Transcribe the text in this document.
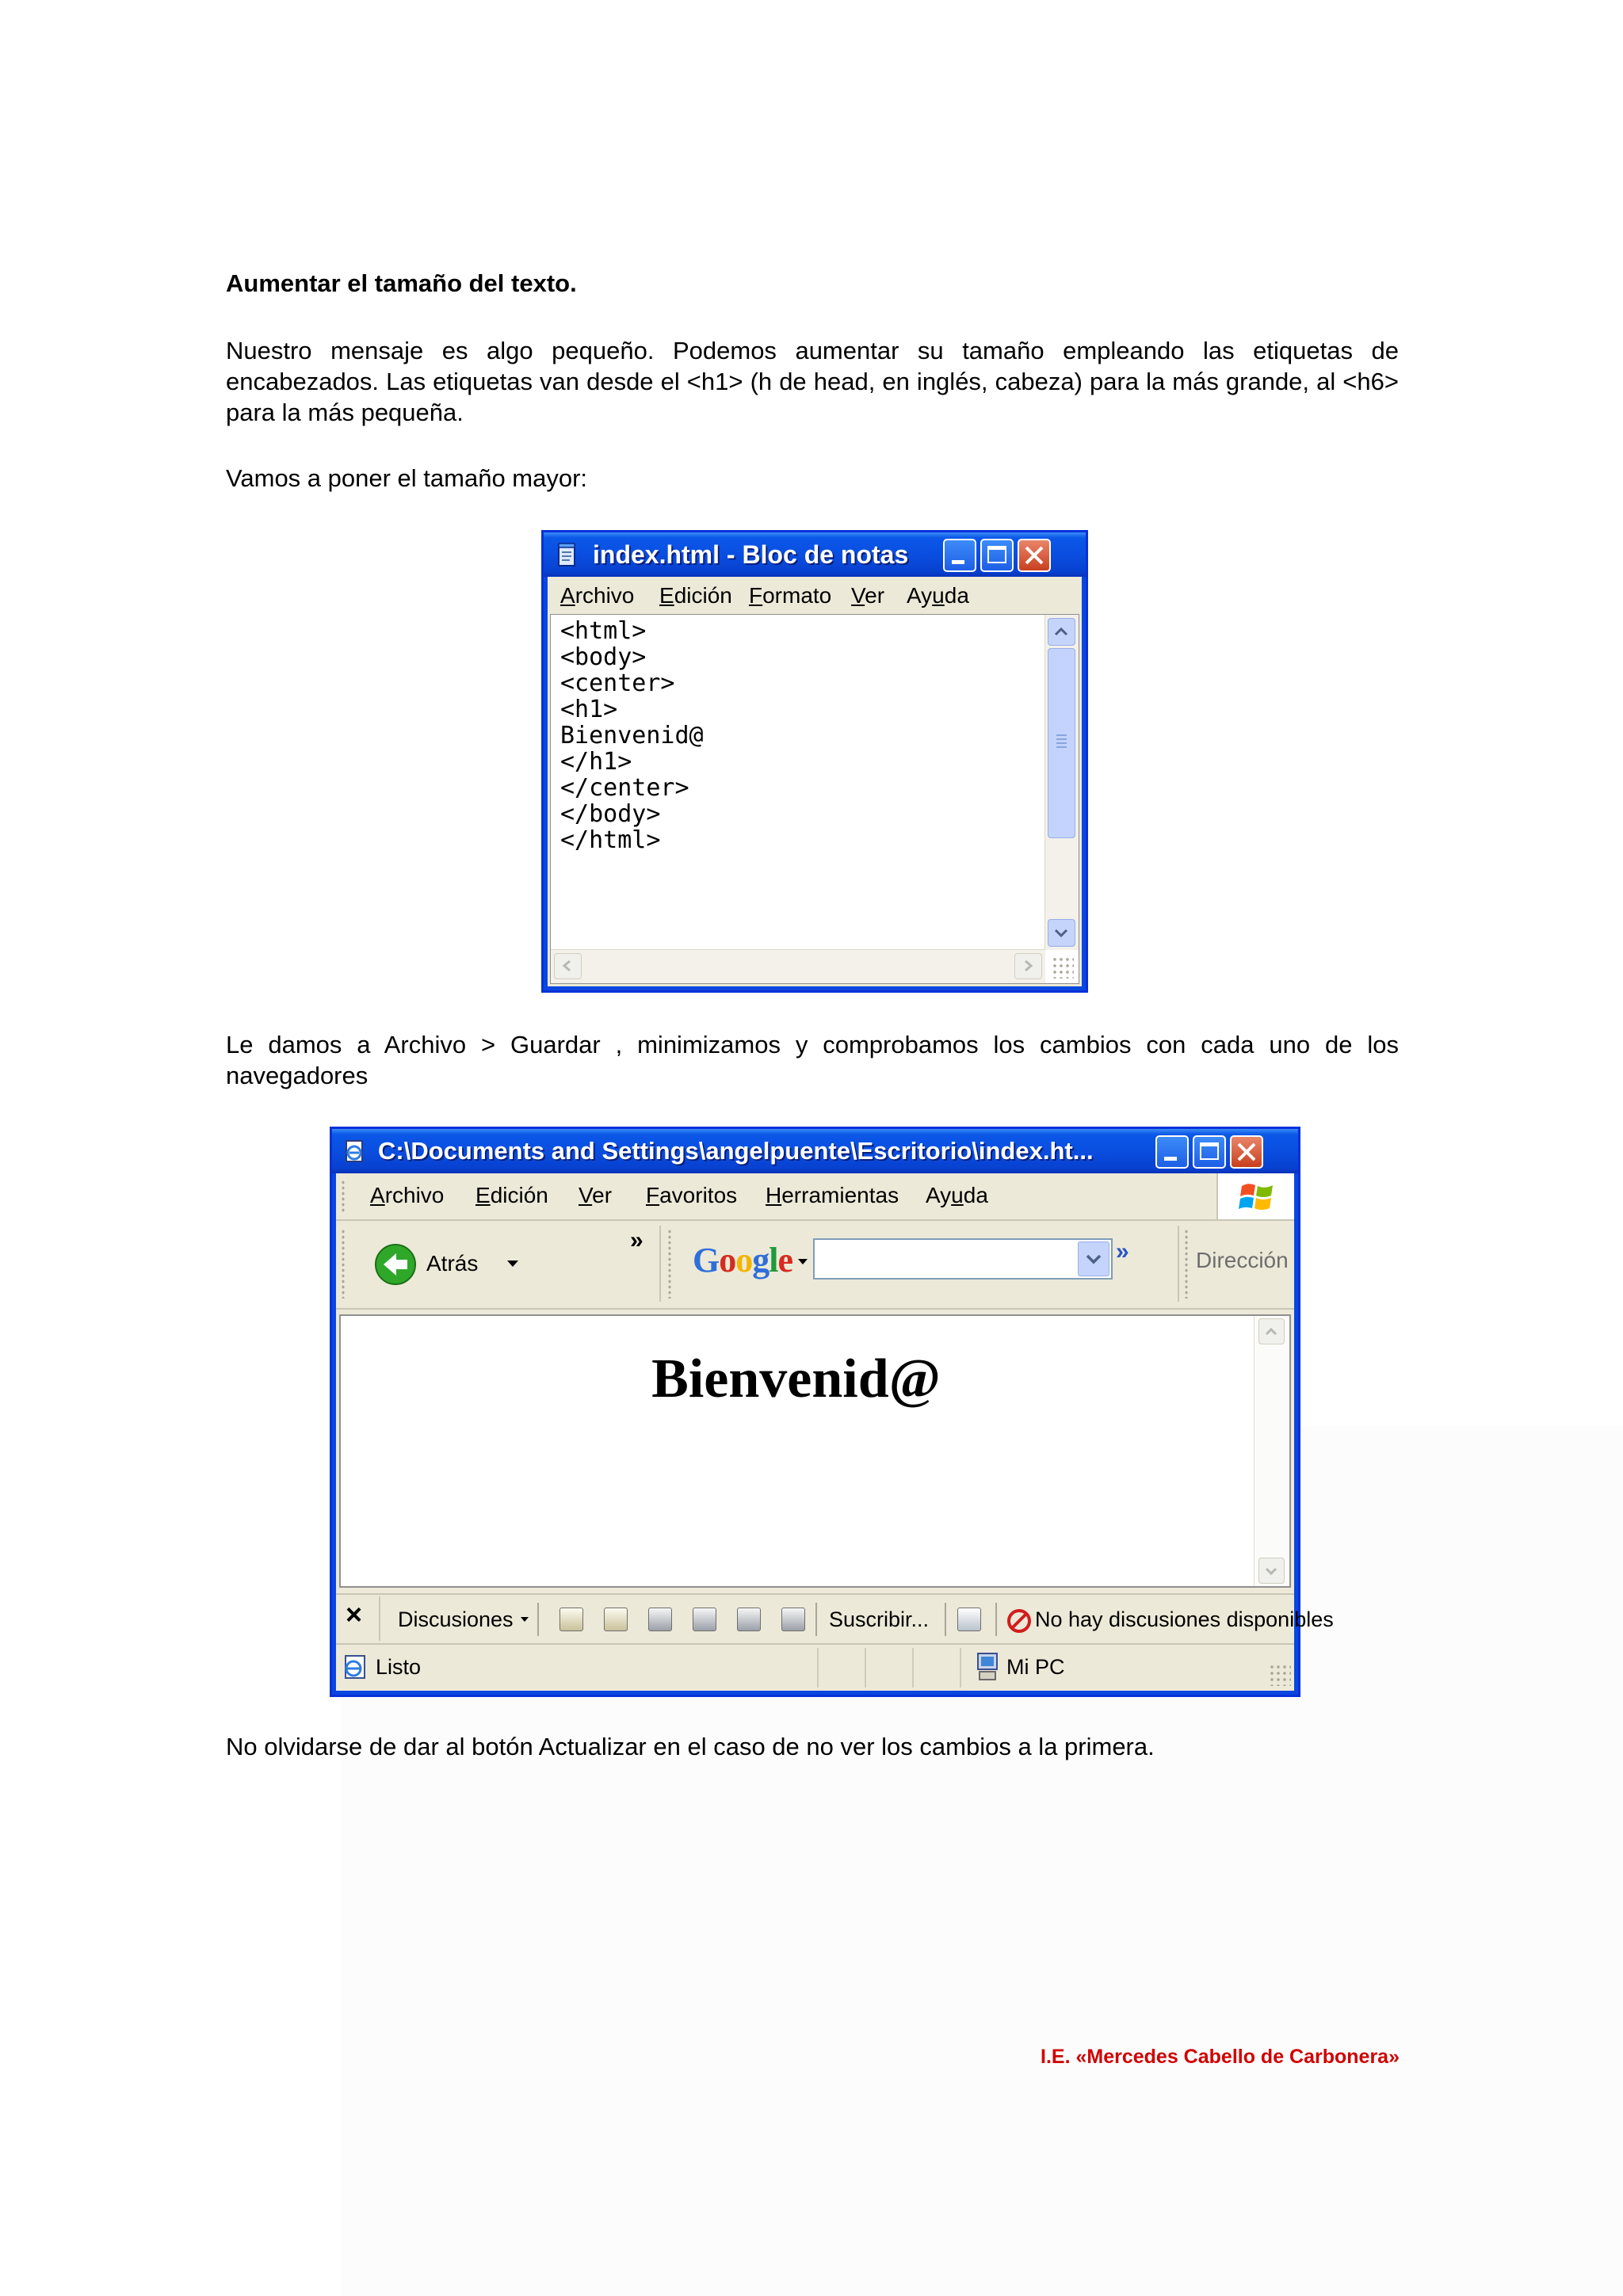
Aumentar el tamaño del texto.

Nuestro mensaje es algo pequeño. Podemos aumentar su tamaño empleando las etiquetas de encabezados. Las etiquetas van desde el <h1> (h de head, en inglés, cabeza) para la más grande, al <h6> para la más pequeña.

Vamos a poner el tamaño mayor:

index.html - Bloc de notas
Archivo Edición Formato Ver Ayuda
<html>
<body>
<center>
<h1>
Bienvenid@
</h1>
</center>
</body>
</html>

Le damos a Archivo > Guardar , minimizamos y comprobamos los cambios con cada uno de los navegadores

C:\Documents and Settings\angelpuente\Escritorio\index.ht...
Archivo Edición Ver Favoritos Herramientas Ayuda
Atrás
»
Google	»	Dirección
Bienvenid@
× Discusiones	Suscribir...	No hay discusiones disponibles
Listo	Mi PC

No olvidarse de dar al botón Actualizar en el caso de no ver los cambios a la primera.

I.E. «Mercedes Cabello de Carbonera»
